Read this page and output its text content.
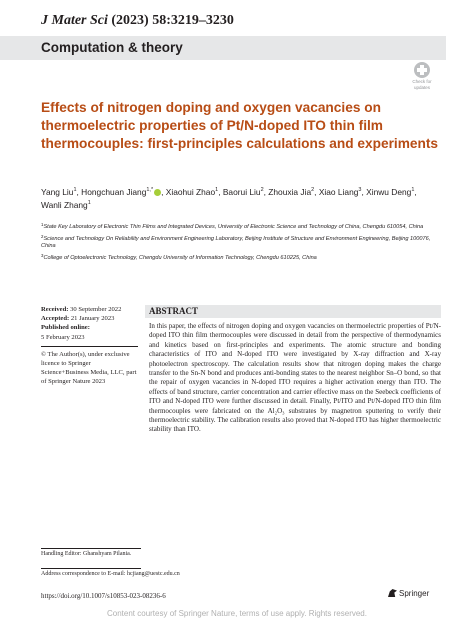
J Mater Sci (2023) 58:3219–3230
Computation & theory
Check for
updates
Effects of nitrogen doping and oxygen vacancies on thermoelectric properties of Pt/N-doped ITO thin film thermocouples: first-principles calculations and experiments
Yang Liu$^1$, Hongchuan Jiang$^{1,*}$ , Xiaohui Zhao$^1$, Baorui Liu$^2$, Zhouxia Jia$^2$, Xiao Liang$^3$, Xinwu Deng$^1$, Wanli Zhang$^1$
$^1$State Key Laboratory of Electronic Thin Films and Integrated Devices, University of Electronic Science and Technology of China, Chengdu 610054, China
$^2$Science and Technology On Reliability and Environment Engineering Laboratory, Beijing Institute of Structure and Environment Engineering, Beijing 100076, China
$^3$College of Optoelectronic Technology, Chengdu University of Information Technology, Chengdu 610225, China
Received: 30 September 2022
Accepted: 21 January 2023
Published online:
5 February 2023
© The Author(s), under exclusive licence to Springer Science+Business Media, LLC, part of Springer Nature 2023
ABSTRACT

In this paper, the effects of nitrogen doping and oxygen vacancies on thermoelectric properties of Pt/N-doped ITO thin film thermocouples were discussed in detail from the perspective of thermodynamics and kinetics based on first-principles and experiments. The atomic structure and bonding characteristics of ITO and N-doped ITO were investigated by X-ray diffraction and X-ray photoelectron spectroscopy. The calculation results show that nitrogen doping makes the charge transfer to the Sn-N bond and produces anti-bonding states to the nearest neighbor Sn–O bond, so that the repair of oxygen vacancies in N-doped ITO requires a higher activation energy than ITO. The effects of band structure, carrier concentration and carrier effective mass on the Seebeck coefficients of ITO and N-doped ITO were further discussed in detail. Finally, Pt/ITO and Pt/N-doped ITO thin film thermocouples were fabricated on the Al₂O₃ substrates by magnetron sputtering to verify their thermoelectric stability. The calibration results also proved that N-doped ITO has higher thermoelectric stability than ITO.

Handling Editor: Ghanshyam Pilania.
Address correspondence to E-mail: hcjiang@uestc.edu.cn
https://doi.org/10.1007/s10853-023-08236-6	Springer
Content courtesy of Springer Nature, terms of use apply. Rights reserved.
